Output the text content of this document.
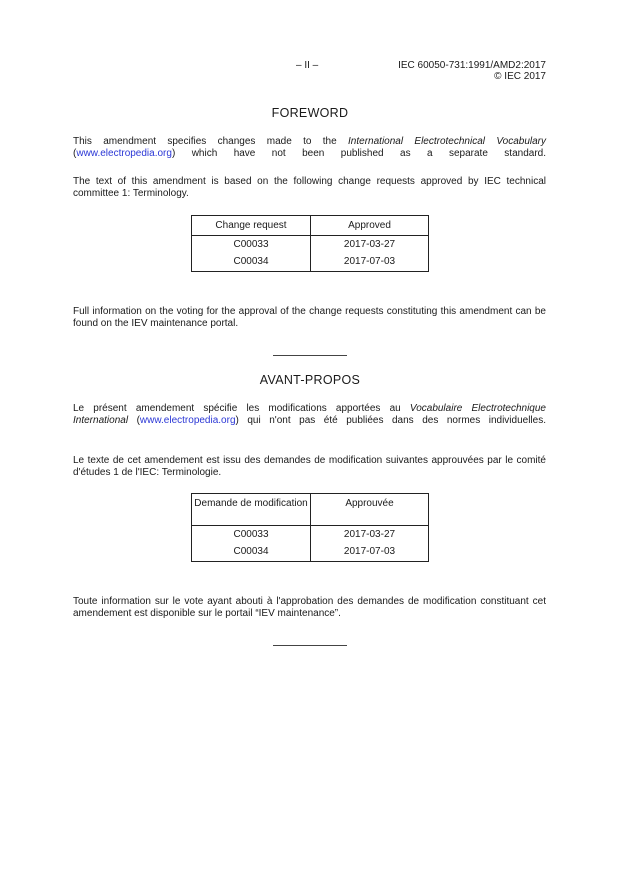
– II –	IEC 60050-731:1991/AMD2:2017
© IEC 2017
FOREWORD

This amendment specifies changes made to the International Electrotechnical Vocabulary
(www.electropedia.org) which have not been published as a separate standard.

The text of this amendment is based on the following change requests approved by IEC technical committee 1: Terminology.

Change request	Approved
C00033	2017-03-27
C00034	2017-07-03

Full information on the voting for the approval of the change requests constituting this amendment can be found on the IEV maintenance portal.

AVANT-PROPOS

Le présent amendement spécifie les modifications apportées au Vocabulaire Electrotechnique International (www.electropedia.org) qui n'ont pas été publiées dans des normes individuelles.

Le texte de cet amendement est issu des demandes de modification suivantes approuvées par le comité d'études 1 de l'IEC: Terminologie.

Demande de modification	Approuvée
C00033	2017-03-27
C00034	2017-07-03

Toute information sur le vote ayant abouti à l'approbation des demandes de modification constituant cet amendement est disponible sur le portail “IEV maintenance”.
